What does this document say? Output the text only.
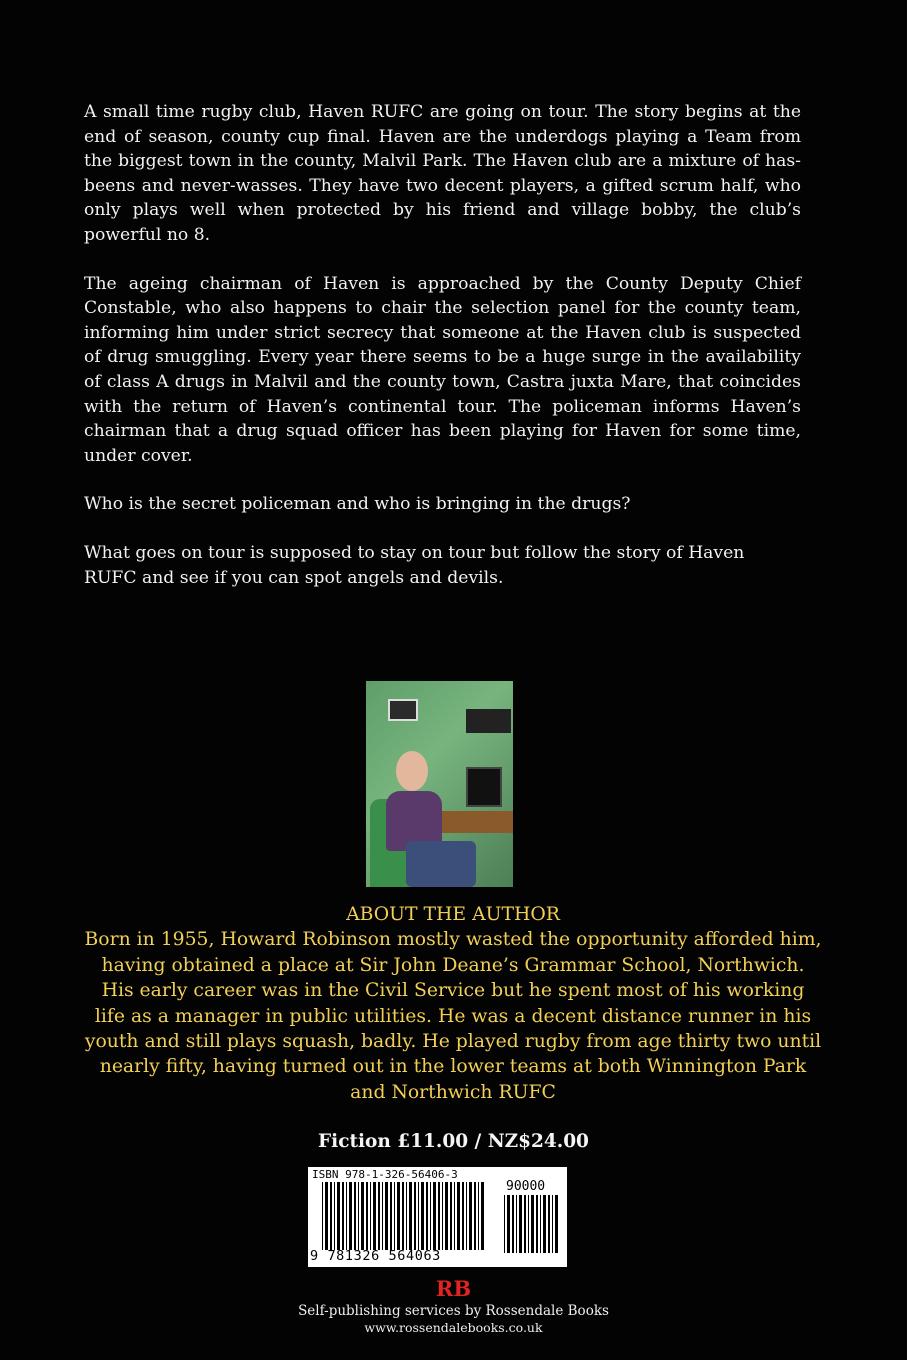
A small time rugby club, Haven RUFC are going on tour. The story begins at the end of season, county cup final. Haven are the underdogs playing a Team from the biggest town in the county, Malvil Park. The Haven club are a mixture of has-beens and never-wasses. They have two decent players, a gifted scrum half, who only plays well when protected by his friend and village bobby, the club’s powerful no 8.

The ageing chairman of Haven is approached by the County Deputy Chief Constable, who also happens to chair the selection panel for the county team, informing him under strict secrecy that someone at the Haven club is suspected of drug smuggling. Every year there seems to be a huge surge in the availability of class A drugs in Malvil and the county town, Castra juxta Mare, that coincides with the return of Haven’s continental tour. The policeman informs Haven’s chairman that a drug squad officer has been playing for Haven for some time, under cover.

Who is the secret policeman and who is bringing in the drugs?

What goes on tour is supposed to stay on tour but follow the story of Haven RUFC and see if you can spot angels and devils.

ABOUT THE AUTHOR

Born in 1955, Howard Robinson mostly wasted the opportunity afforded him, having obtained a place at Sir John Deane’s Grammar School, Northwich. His early career was in the Civil Service but he spent most of his working life as a manager in public utilities. He was a decent distance runner in his youth and still plays squash, badly. He played rugby from age thirty two until nearly fifty, having turned out in the lower teams at both Winnington Park and Northwich RUFC

Fiction £11.00 / NZ$24.00
ISBN 978-1-326-56406-3
90000
9 781326 564063
RB
Self-publishing services by Rossendale Books
www.rossendalebooks.co.uk
